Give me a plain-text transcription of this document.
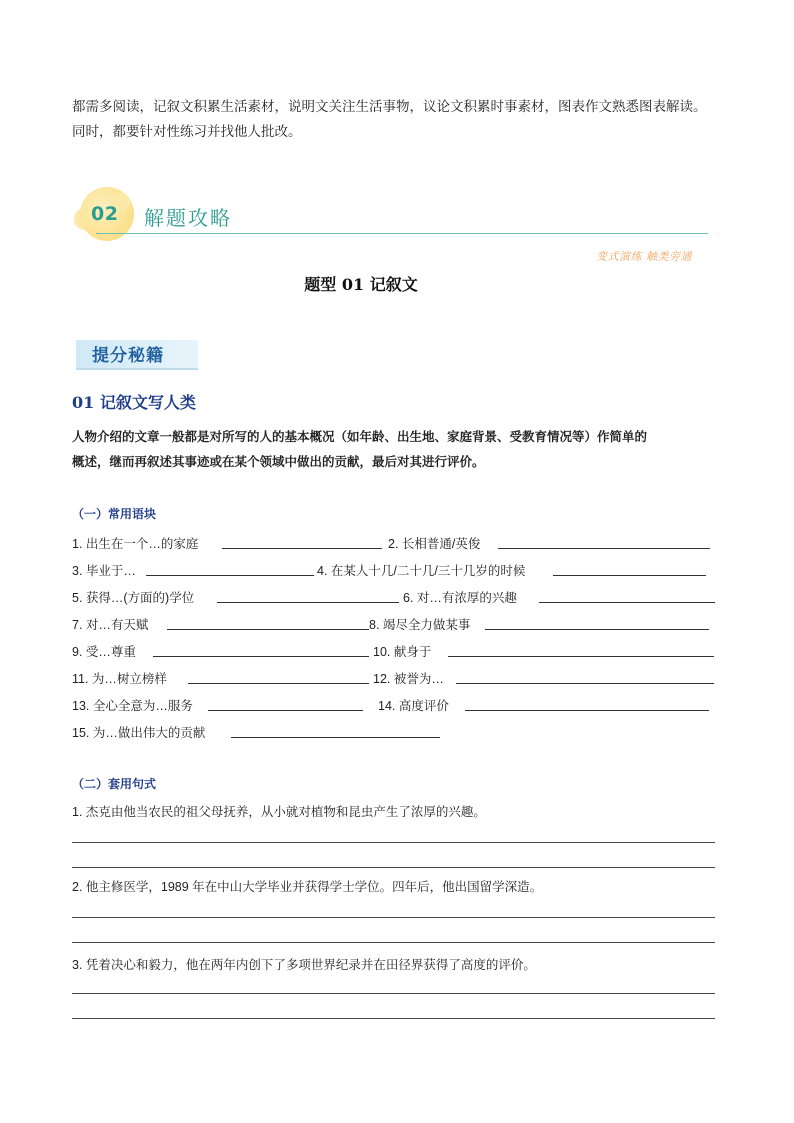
都需多阅读，记叙文积累生活素材，说明文关注生活事物，议论文积累时事素材，图表作文熟悉图表解读。

同时，都要针对性练习并找他人批改。

02 解题攻略
变式演练 触类旁通
题型 01 记叙文
提分秘籍
01 记叙文写人类

人物介绍的文章一般都是对所写的人的基本概况（如年龄、出生地、家庭背景、受教育情况等）作简单的

概述，继而再叙述其事迹或在某个领域中做出的贡献，最后对其进行评价。

（一）常用语块
1. 出生在一个…的家庭	2. 长相普通/英俊
3. 毕业于…	4. 在某人十几/二十几/三十几岁的时候
5. 获得…(方面的)学位	6. 对…有浓厚的兴趣
7. 对…有天赋	8. 竭尽全力做某事
9. 受…尊重	10. 献身于
11. 为…树立榜样	12. 被誉为…
13. 全心全意为…服务	14. 高度评价
15. 为…做出伟大的贡献
（二）套用句式
1. 杰克由他当农民的祖父母抚养，从小就对植物和昆虫产生了浓厚的兴趣。
2. 他主修医学，1989 年在中山大学毕业并获得学士学位。四年后，他出国留学深造。
3. 凭着决心和毅力，他在两年内创下了多项世界纪录并在田径界获得了高度的评价。
